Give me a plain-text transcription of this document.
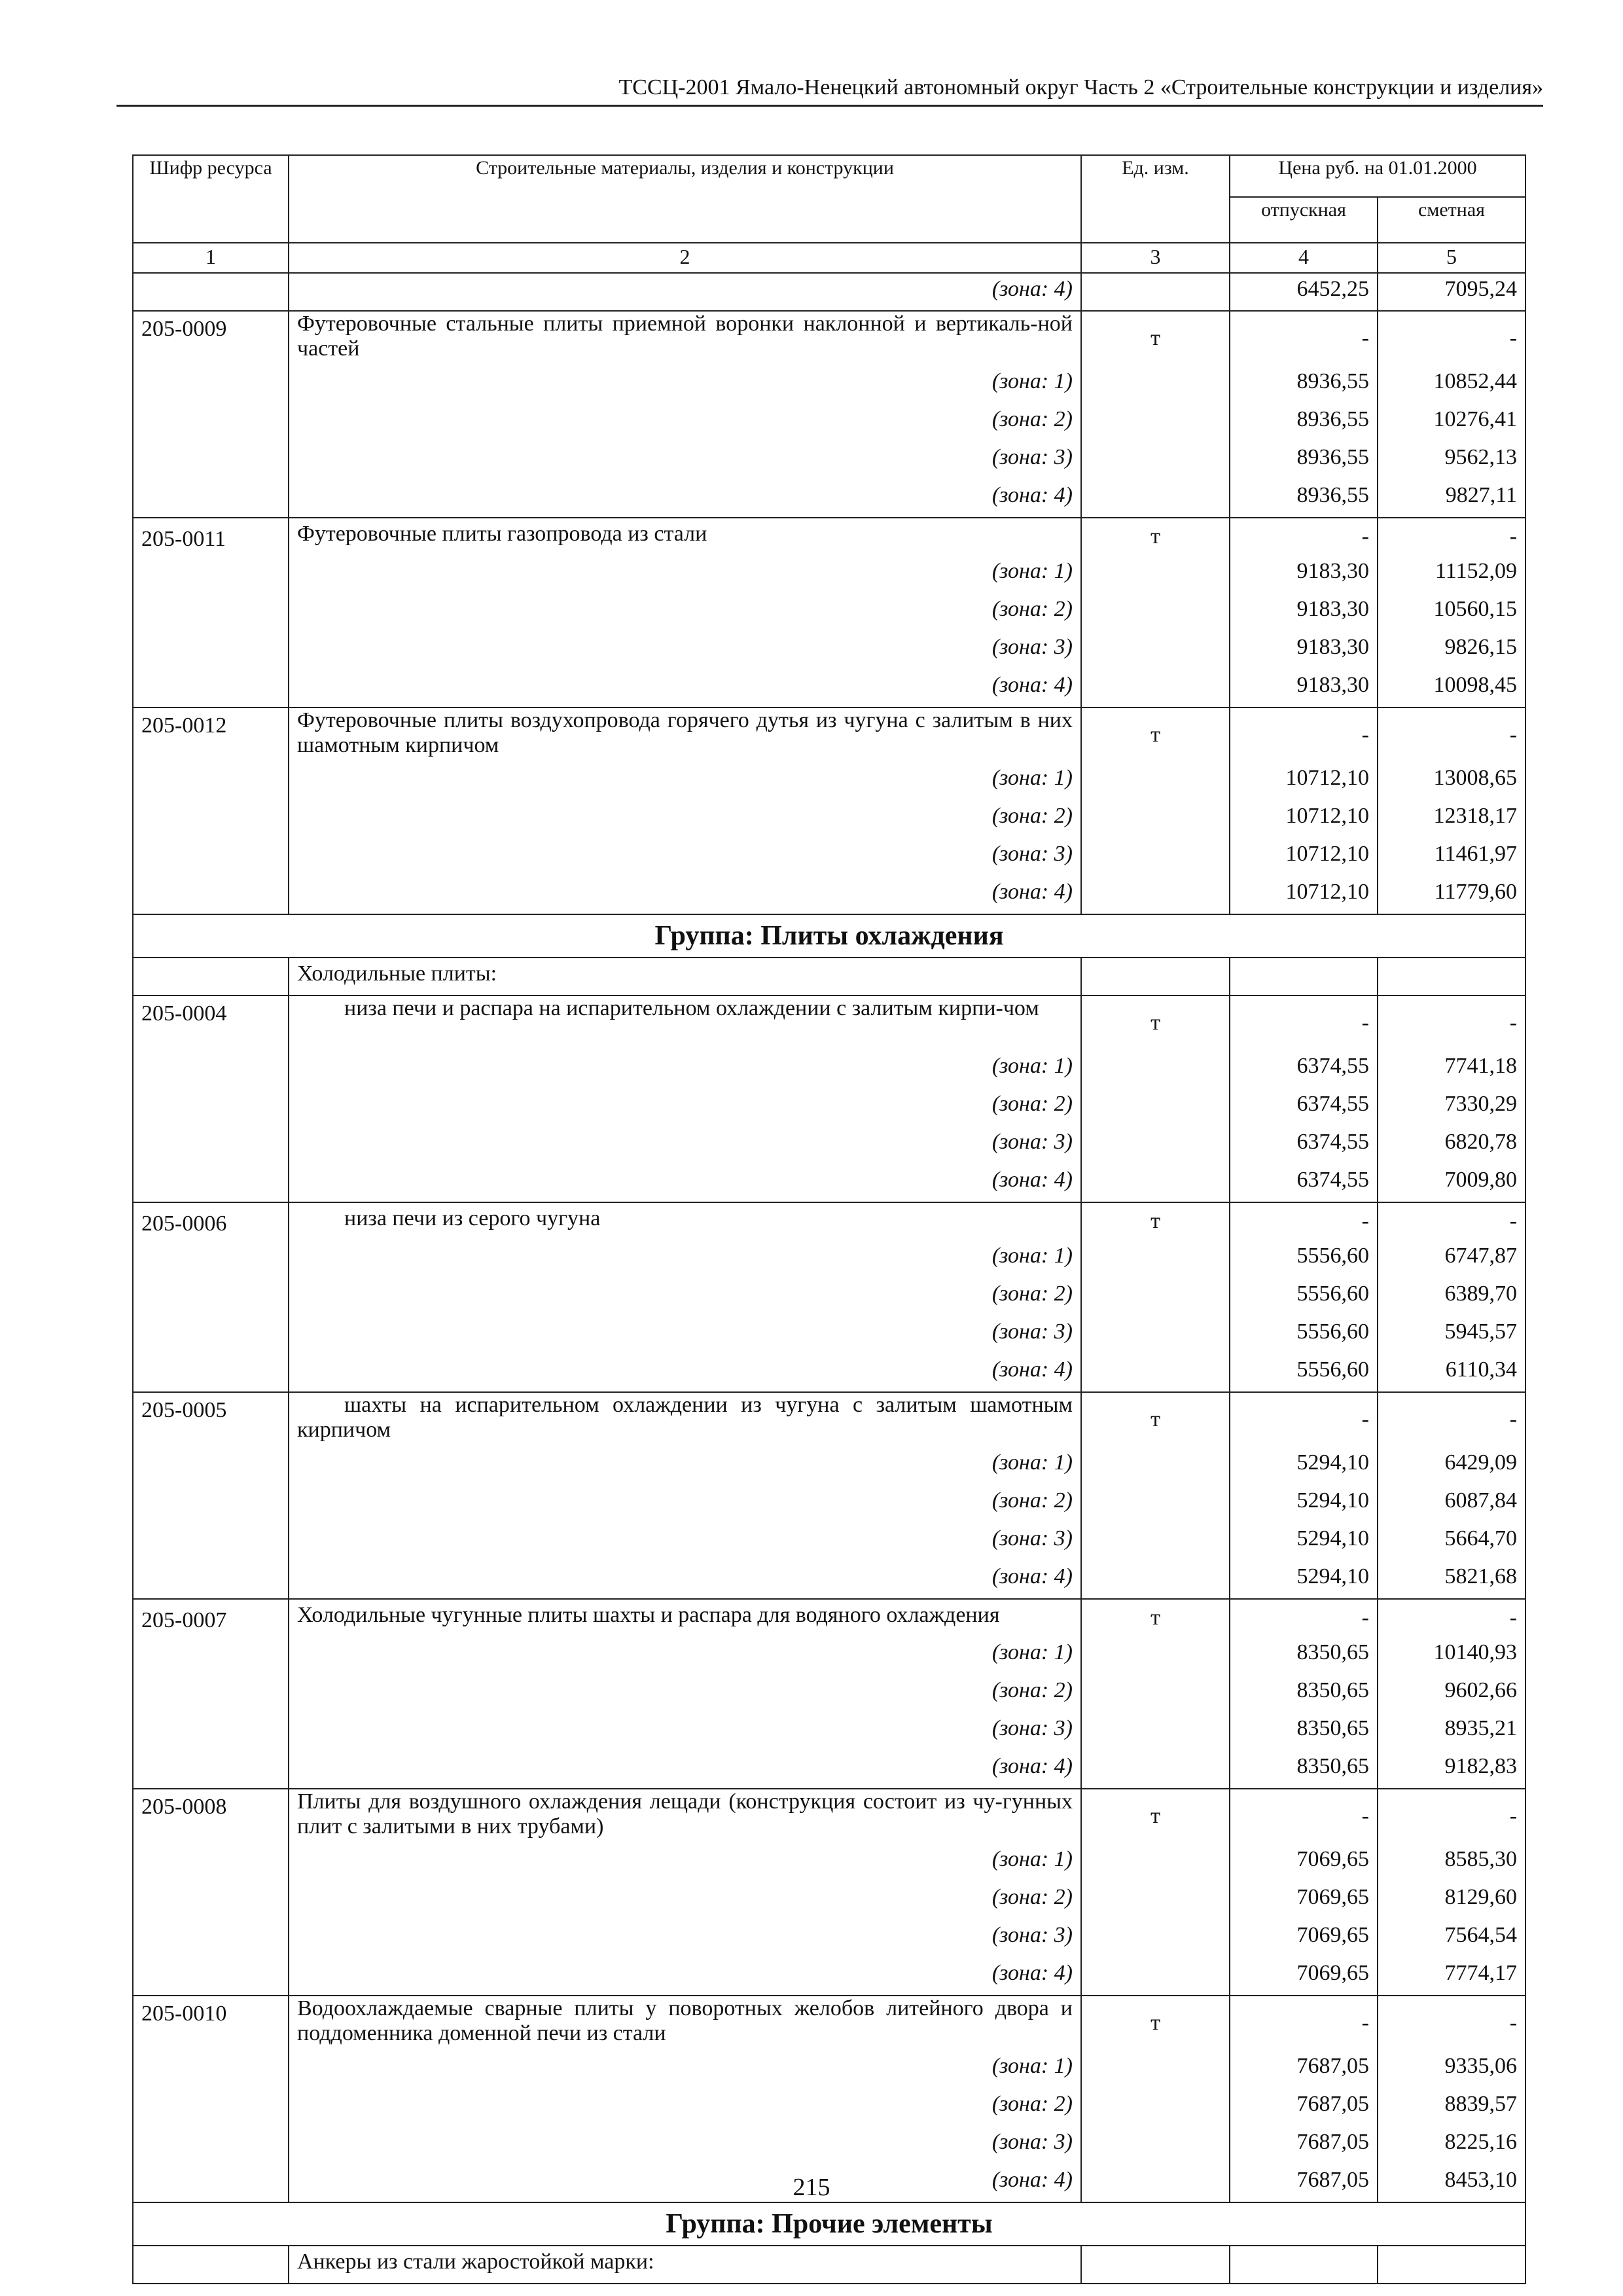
ТССЦ-2001 Ямало-Ненецкий автономный округ Часть 2 «Строительные конструкции и изделия»
Шифр ресурса	Строительные материалы, изделия и конструкции	Ед. изм.	Цена руб. на 01.01.2000	
			отпускная	сметная
1	2	3	4	5
	(зона: 4)		6452,25	7095,24
205-0009	Футеровочные стальные плиты приемной воронки наклонной и вертикаль-ной частей	т	-	-
	(зона: 1)		8936,55	10852,44
	(зона: 2)		8936,55	10276,41
	(зона: 3)		8936,55	9562,13
	(зона: 4)		8936,55	9827,11
205-0011	Футеровочные плиты газопровода из стали	т	-	-
	(зона: 1)		9183,30	11152,09
	(зона: 2)		9183,30	10560,15
	(зона: 3)		9183,30	9826,15
	(зона: 4)		9183,30	10098,45
205-0012	Футеровочные плиты воздухопровода горячего дутья из чугуна с залитым в них шамотным кирпичом	т	-	-
	(зона: 1)		10712,10	13008,65
	(зона: 2)		10712,10	12318,17
	(зона: 3)		10712,10	11461,97
	(зона: 4)		10712,10	11779,60
Группа: Плиты охлаждения				
	Холодильные плиты:			
205-0004	низа печи и распара на испарительном охлаждении с залитым кирпи-чом	т	-	-
	(зона: 1)		6374,55	7741,18
	(зона: 2)		6374,55	7330,29
	(зона: 3)		6374,55	6820,78
	(зона: 4)		6374,55	7009,80
205-0006	низа печи из серого чугуна	т	-	-
	(зона: 1)		5556,60	6747,87
	(зона: 2)		5556,60	6389,70
	(зона: 3)		5556,60	5945,57
	(зона: 4)		5556,60	6110,34
205-0005	шахты на испарительном охлаждении из чугуна с залитым шамотным кирпичом	т	-	-
	(зона: 1)		5294,10	6429,09
	(зона: 2)		5294,10	6087,84
	(зона: 3)		5294,10	5664,70
	(зона: 4)		5294,10	5821,68
205-0007	Холодильные чугунные плиты шахты и распара для водяного охлаждения	т	-	-
	(зона: 1)		8350,65	10140,93
	(зона: 2)		8350,65	9602,66
	(зона: 3)		8350,65	8935,21
	(зона: 4)		8350,65	9182,83
205-0008	Плиты для воздушного охлаждения лещади (конструкция состоит из чу-гунных плит с залитыми в них трубами)	т	-	-
	(зона: 1)		7069,65	8585,30
	(зона: 2)		7069,65	8129,60
	(зона: 3)		7069,65	7564,54
	(зона: 4)		7069,65	7774,17
205-0010	Водоохлаждаемые сварные плиты у поворотных желобов литейного двора и поддоменника доменной печи из стали	т	-	-
	(зона: 1)		7687,05	9335,06
	(зона: 2)		7687,05	8839,57
	(зона: 3)		7687,05	8225,16
	(зона: 4)		7687,05	8453,10
Группа: Прочие элементы				
	Анкеры из стали жаростойкой марки:			
215
